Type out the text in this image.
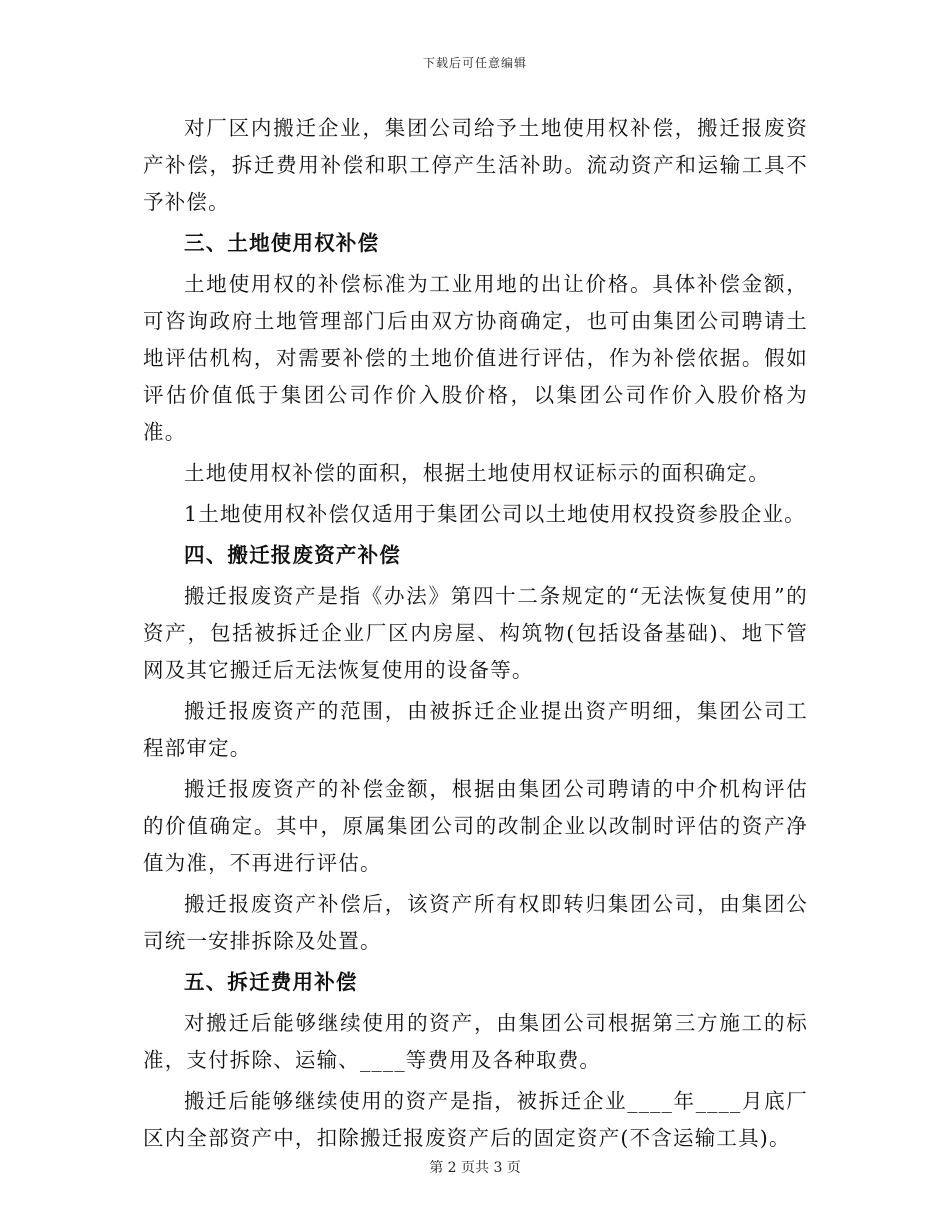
下载后可任意编辑

对厂区内搬迁企业，集团公司给予土地使用权补偿，搬迁报废资产补偿，拆迁费用补偿和职工停产生活补助。流动资产和运输工具不予补偿。

三、土地使用权补偿

土地使用权的补偿标准为工业用地的出让价格。具体补偿金额，可咨询政府土地管理部门后由双方协商确定，也可由集团公司聘请土地评估机构，对需要补偿的土地价值进行评估，作为补偿依据。假如评估价值低于集团公司作价入股价格，以集团公司作价入股价格为准。

土地使用权补偿的面积，根据土地使用权证标示的面积确定。

1土地使用权补偿仅适用于集团公司以土地使用权投资参股企业。

四、搬迁报废资产补偿

搬迁报废资产是指《办法》第四十二条规定的“无法恢复使用”的资产，包括被拆迁企业厂区内房屋、构筑物(包括设备基础)、地下管网及其它搬迁后无法恢复使用的设备等。

搬迁报废资产的范围，由被拆迁企业提出资产明细，集团公司工程部审定。

搬迁报废资产的补偿金额，根据由集团公司聘请的中介机构评估的价值确定。其中，原属集团公司的改制企业以改制时评估的资产净值为准，不再进行评估。

搬迁报废资产补偿后，该资产所有权即转归集团公司，由集团公司统一安排拆除及处置。

五、拆迁费用补偿

对搬迁后能够继续使用的资产，由集团公司根据第三方施工的标准，支付拆除、运输、____等费用及各种取费。

搬迁后能够继续使用的资产是指，被拆迁企业____年____月底厂区内全部资产中，扣除搬迁报废资产后的固定资产(不含运输工具)。

第 2 页共 3 页
